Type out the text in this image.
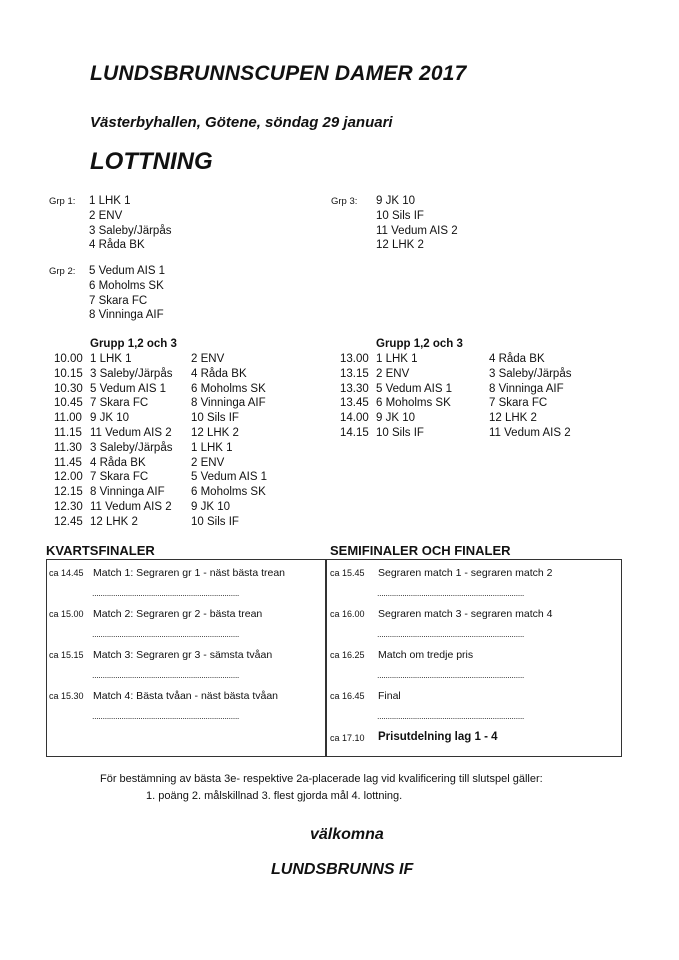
LUNDSBRUNNSCUPEN DAMER 2017
Västerbyhallen, Götene, söndag 29 januari
LOTTNING
Grp 1: 1 LHK 1
2 ENV
3 Saleby/Järpås
4 Råda BK
Grp 2: 5 Vedum AIS 1
6 Moholms SK
7 Skara FC
8 Vinninga AIF
Grp 3: 9 JK 10
10 Sils IF
11 Vedum AIS 2
12 LHK 2
Grupp 1,2 och 3
10.00 1 LHK 1	2 ENV
10.15 3 Saleby/Järpås 4 Råda BK
10.30 5 Vedum AIS 1 6 Moholms SK
10.45 7 Skara FC	8 Vinninga AIF
11.00 9 JK 10	10 Sils IF
11.15 11 Vedum AIS 2 12 LHK 2
11.30 3 Saleby/Järpås 1 LHK 1
11.45 4 Råda BK	2 ENV
12.00 7 Skara FC	5 Vedum AIS 1
12.15 8 Vinninga AIF 6 Moholms SK
12.30 11 Vedum AIS 2 9 JK 10
12.45 12 LHK 2	10 Sils IF
Grupp 1,2 och 3
13.00 1 LHK 1	4 Råda BK
13.15 2 ENV	3 Saleby/Järpås
13.30 5 Vedum AIS 1	8 Vinninga AIF
13.45 6 Moholms SK	7 Skara FC
14.00 9 JK 10	12 LHK 2
14.15 10 Sils IF	11 Vedum AIS 2
KVARTSFINALER	SEMIFINALER OCH FINALER
ca 14.45 Match 1: Segraren gr 1 - näst bästa trean
......................................................................
ca 15.00 Match 2: Segraren gr 2 - bästa trean
......................................................................
ca 15.15 Match 3: Segraren gr 3 - sämsta tvåan
......................................................................
ca 15.30 Match 4: Bästa tvåan - näst bästa tvåan
......................................................................
ca 15.45 Segraren match 1 - segraren match 2
......................................................................
ca 16.00 Segraren match 3 - segraren match 4
......................................................................
ca 16.25 Match om tredje pris
......................................................................
ca 16.45 Final
......................................................................
ca 17.10 Prisutdelning lag 1 - 4
För bestämning av bästa 3e- respektive 2a-placerade lag vid kvalificering till slutspel gäller:
1. poäng 2. målskillnad 3. flest gjorda mål 4. lottning.
välkomna
LUNDSBRUNNS IF
